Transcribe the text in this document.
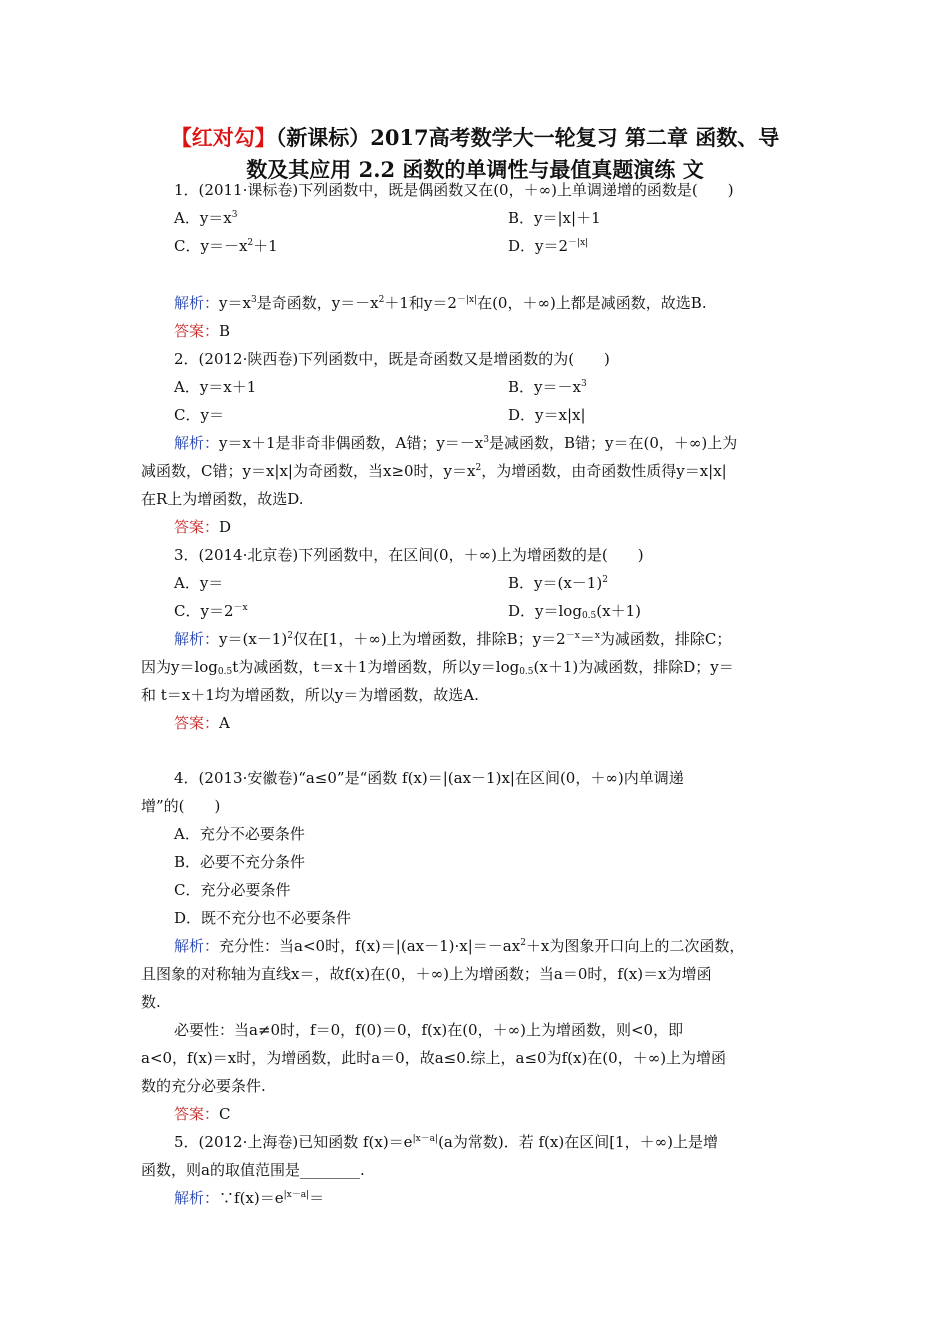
【红对勾】（新课标）2017高考数学大一轮复习 第二章 函数、导
数及其应用 2.2 函数的单调性与最值真题演练 文
1．(2011·课标卷)下列函数中，既是偶函数又在(0，＋∞)上单调递增的函数是(　　)
A．$y=x^3$	B．y＝|x|＋1
C．$y=-x^2+1$	D．$y=2^{-|x|}$
解析：$y=x^3$是奇函数，$y=-x^2+1$和$y=2^{-|x|}$在(0，＋∞)上都是减函数，故选B.
答案：B
2．(2012·陕西卷)下列函数中，既是奇函数又是增函数的为(　　)
A．y＝x＋1	B．$y=-x^3$
C．y＝	D．y＝x|x|
解析：y＝x＋1是非奇非偶函数，A错；$y=-x^3$是减函数，B错；y＝在(0，＋∞)上为
减函数，C错；y＝x|x|为奇函数，当x≥0时，$y=x^2$，为增函数，由奇函数性质得y＝x|x|
在R上为增函数，故选D.
答案：D
3．(2014·北京卷)下列函数中，在区间(0，＋∞)上为增函数的是(　　)
A．y＝	B．$y=(x-1)^2$
C．$y=2^{-x}$	D．$y=\log_{0.5}(x+1)$
解析：$y=(x-1)^2$仅在[1，＋∞)上为增函数，排除B；$y=2^{-x}=^x$为减函数，排除C；
因为$y=\log_{0.5}t$为减函数，t＝x＋1为增函数，所以$y=\log_{0.5}(x+1)$为减函数，排除D；y＝
和 t＝x＋1均为增函数，所以y＝为增函数，故选A.
答案：A
4．(2013·安徽卷)“a≤0”是“函数 f(x)＝|(ax－1)x|在区间(0，＋∞)内单调递
增”的(　　)
A．充分不必要条件
B．必要不充分条件
C．充分必要条件
D．既不充分也不必要条件
解析：充分性：当a<0时，$f(x)=|(ax-1)\cdot x|=-ax^2+x$为图象开口向上的二次函数，
且图象的对称轴为直线x＝，故f(x)在(0，＋∞)上为增函数；当a＝0时，f(x)＝x为增函
数.
必要性：当a≠0时，f＝0，f(0)＝0，f(x)在(0，＋∞)上为增函数，则<0，即
a<0，f(x)＝x时，为增函数，此时a＝0，故a≤0.综上，a≤0为f(x)在(0，＋∞)上为增函
数的充分必要条件.
答案：C
5．(2012·上海卷)已知函数 $f(x)=e^{|x-a|}(a$为常数)．若 f(x)在区间[1，＋∞)上是增
函数，则a的取值范围是________.
解析：$\because f(x)=e^{|x-a|}=$
